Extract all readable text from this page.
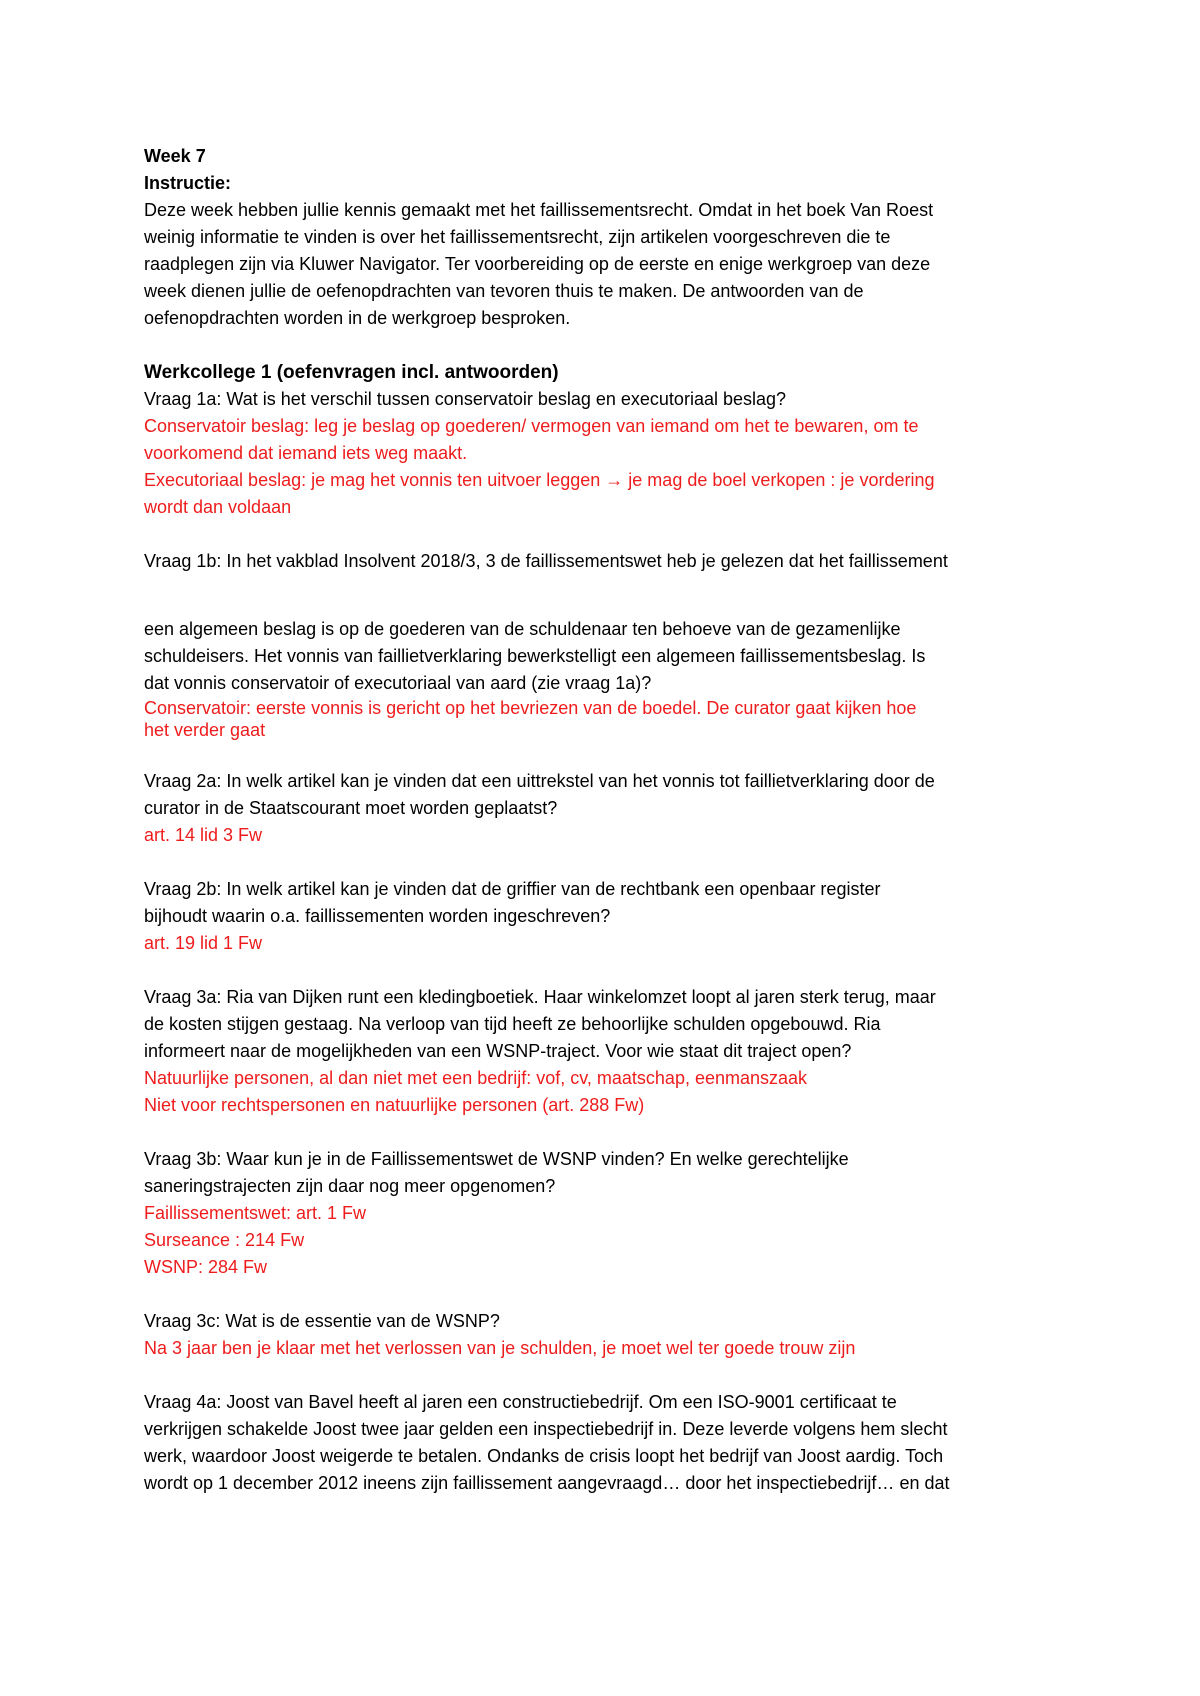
Week 7

Instructie:

Deze week hebben jullie kennis gemaakt met het faillissementsrecht. Omdat in het boek Van Roest

weinig informatie te vinden is over het faillissementsrecht, zijn artikelen voorgeschreven die te

raadplegen zijn via Kluwer Navigator. Ter voorbereiding op de eerste en enige werkgroep van deze

week dienen jullie de oefenopdrachten van tevoren thuis te maken. De antwoorden van de

oefenopdrachten worden in de werkgroep besproken.

Werkcollege 1 (oefenvragen incl. antwoorden)

Vraag 1a: Wat is het verschil tussen conservatoir beslag en executoriaal beslag?

Conservatoir beslag: leg je beslag op goederen/ vermogen van iemand om het te bewaren, om te

voorkomend dat iemand iets weg maakt.

Executoriaal beslag: je mag het vonnis ten uitvoer leggen → je mag de boel verkopen : je vordering

wordt dan voldaan

Vraag 1b: In het vakblad Insolvent 2018/3, 3 de faillissementswet heb je gelezen dat het faillissement

een algemeen beslag is op de goederen van de schuldenaar ten behoeve van de gezamenlijke

schuldeisers. Het vonnis van faillietverklaring bewerkstelligt een algemeen faillissementsbeslag. Is

dat vonnis conservatoir of executoriaal van aard (zie vraag 1a)?

Conservatoir: eerste vonnis is gericht op het bevriezen van de boedel. De curator gaat kijken hoe

het verder gaat

Vraag 2a: In welk artikel kan je vinden dat een uittrekstel van het vonnis tot faillietverklaring door de

curator in de Staatscourant moet worden geplaatst?

art. 14 lid 3 Fw

Vraag 2b: In welk artikel kan je vinden dat de griffier van de rechtbank een openbaar register

bijhoudt waarin o.a. faillissementen worden ingeschreven?

art. 19 lid 1 Fw

Vraag 3a: Ria van Dijken runt een kledingboetiek. Haar winkelomzet loopt al jaren sterk terug, maar

de kosten stijgen gestaag. Na verloop van tijd heeft ze behoorlijke schulden opgebouwd. Ria

informeert naar de mogelijkheden van een WSNP-traject. Voor wie staat dit traject open?

Natuurlijke personen, al dan niet met een bedrijf: vof, cv, maatschap, eenmanszaak

Niet voor rechtspersonen en natuurlijke personen (art. 288 Fw)

Vraag 3b: Waar kun je in de Faillissementswet de WSNP vinden? En welke gerechtelijke

saneringstrajecten zijn daar nog meer opgenomen?

Faillissementswet: art. 1 Fw

Surseance : 214 Fw

WSNP: 284 Fw

Vraag 3c: Wat is de essentie van de WSNP?

Na 3 jaar ben je klaar met het verlossen van je schulden, je moet wel ter goede trouw zijn

Vraag 4a: Joost van Bavel heeft al jaren een constructiebedrijf. Om een ISO-9001 certificaat te

verkrijgen schakelde Joost twee jaar gelden een inspectiebedrijf in. Deze leverde volgens hem slecht

werk, waardoor Joost weigerde te betalen. Ondanks de crisis loopt het bedrijf van Joost aardig. Toch

wordt op 1 december 2012 ineens zijn faillissement aangevraagd… door het inspectiebedrijf… en dat
